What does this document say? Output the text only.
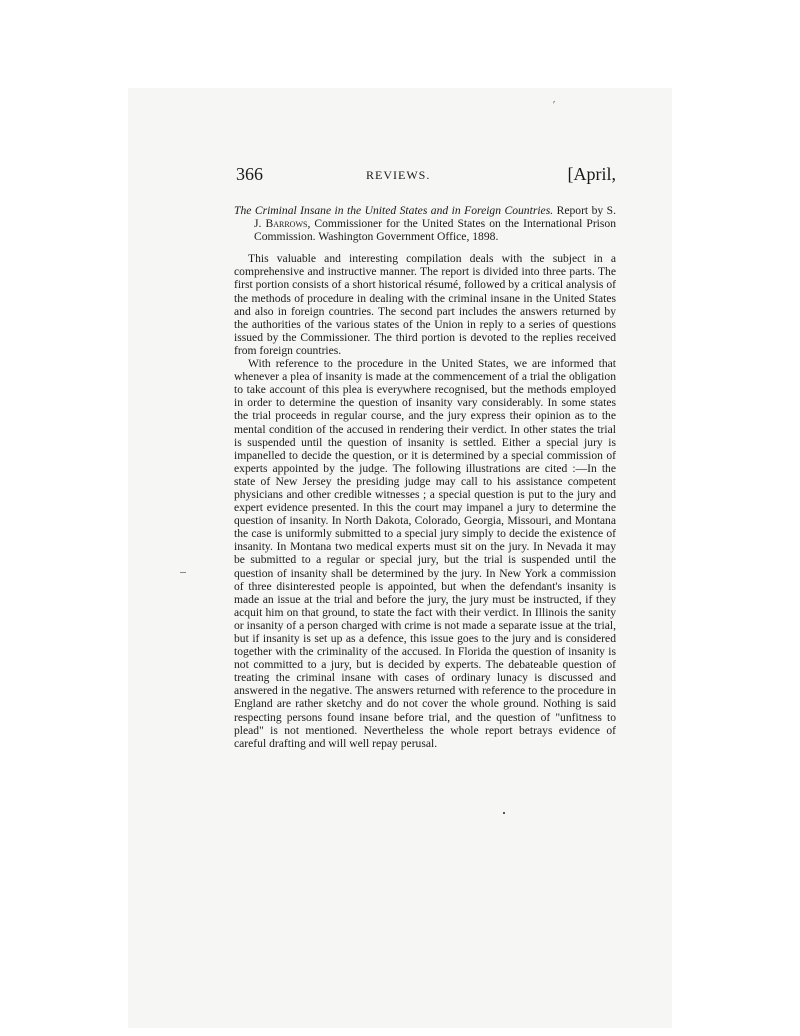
′
366	REVIEWS.	[April,

The Criminal Insane in the United States and in Foreign Countries. Report by S. J. Barrows, Commissioner for the United States on the International Prison Commission. Washington Government Office, 1898.

This valuable and interesting compilation deals with the subject in a comprehensive and instructive manner. The report is divided into three parts. The first portion consists of a short historical résumé, followed by a critical analysis of the methods of procedure in dealing with the criminal insane in the United States and also in foreign countries. The second part includes the answers returned by the authorities of the various states of the Union in reply to a series of questions issued by the Commissioner. The third portion is devoted to the replies received from foreign countries.

With reference to the procedure in the United States, we are informed that whenever a plea of insanity is made at the commencement of a trial the obligation to take account of this plea is everywhere recognised, but the methods employed in order to determine the question of insanity vary considerably. In some states the trial proceeds in regular course, and the jury express their opinion as to the mental condition of the accused in rendering their verdict. In other states the trial is suspended until the question of insanity is settled. Either a special jury is impanelled to decide the question, or it is determined by a special commission of experts appointed by the judge. The following illustrations are cited :—In the state of New Jersey the presiding judge may call to his assistance competent physicians and other credible witnesses ; a special question is put to the jury and expert evidence presented. In this the court may impanel a jury to determine the question of insanity. In North Dakota, Colorado, Georgia, Missouri, and Montana the case is uniformly submitted to a special jury simply to decide the existence of insanity. In Montana two medical experts must sit on the jury. In Nevada it may be submitted to a regular or special jury, but the trial is suspended until the question of insanity shall be determined by the jury. In New York a commission of three disinterested people is appointed, but when the defendant's insanity is made an issue at the trial and before the jury, the jury must be instructed, if they acquit him on that ground, to state the fact with their verdict. In Illinois the sanity or insanity of a person charged with crime is not made a separate issue at the trial, but if insanity is set up as a defence, this issue goes to the jury and is considered together with the criminality of the accused. In Florida the question of insanity is not committed to a jury, but is decided by experts. The debateable question of treating the criminal insane with cases of ordinary lunacy is discussed and answered in the negative. The answers returned with reference to the procedure in England are rather sketchy and do not cover the whole ground. Nothing is said respecting persons found insane before trial, and the question of "unfitness to plead" is not mentioned. Nevertheless the whole report betrays evidence of careful drafting and will well repay perusal.
